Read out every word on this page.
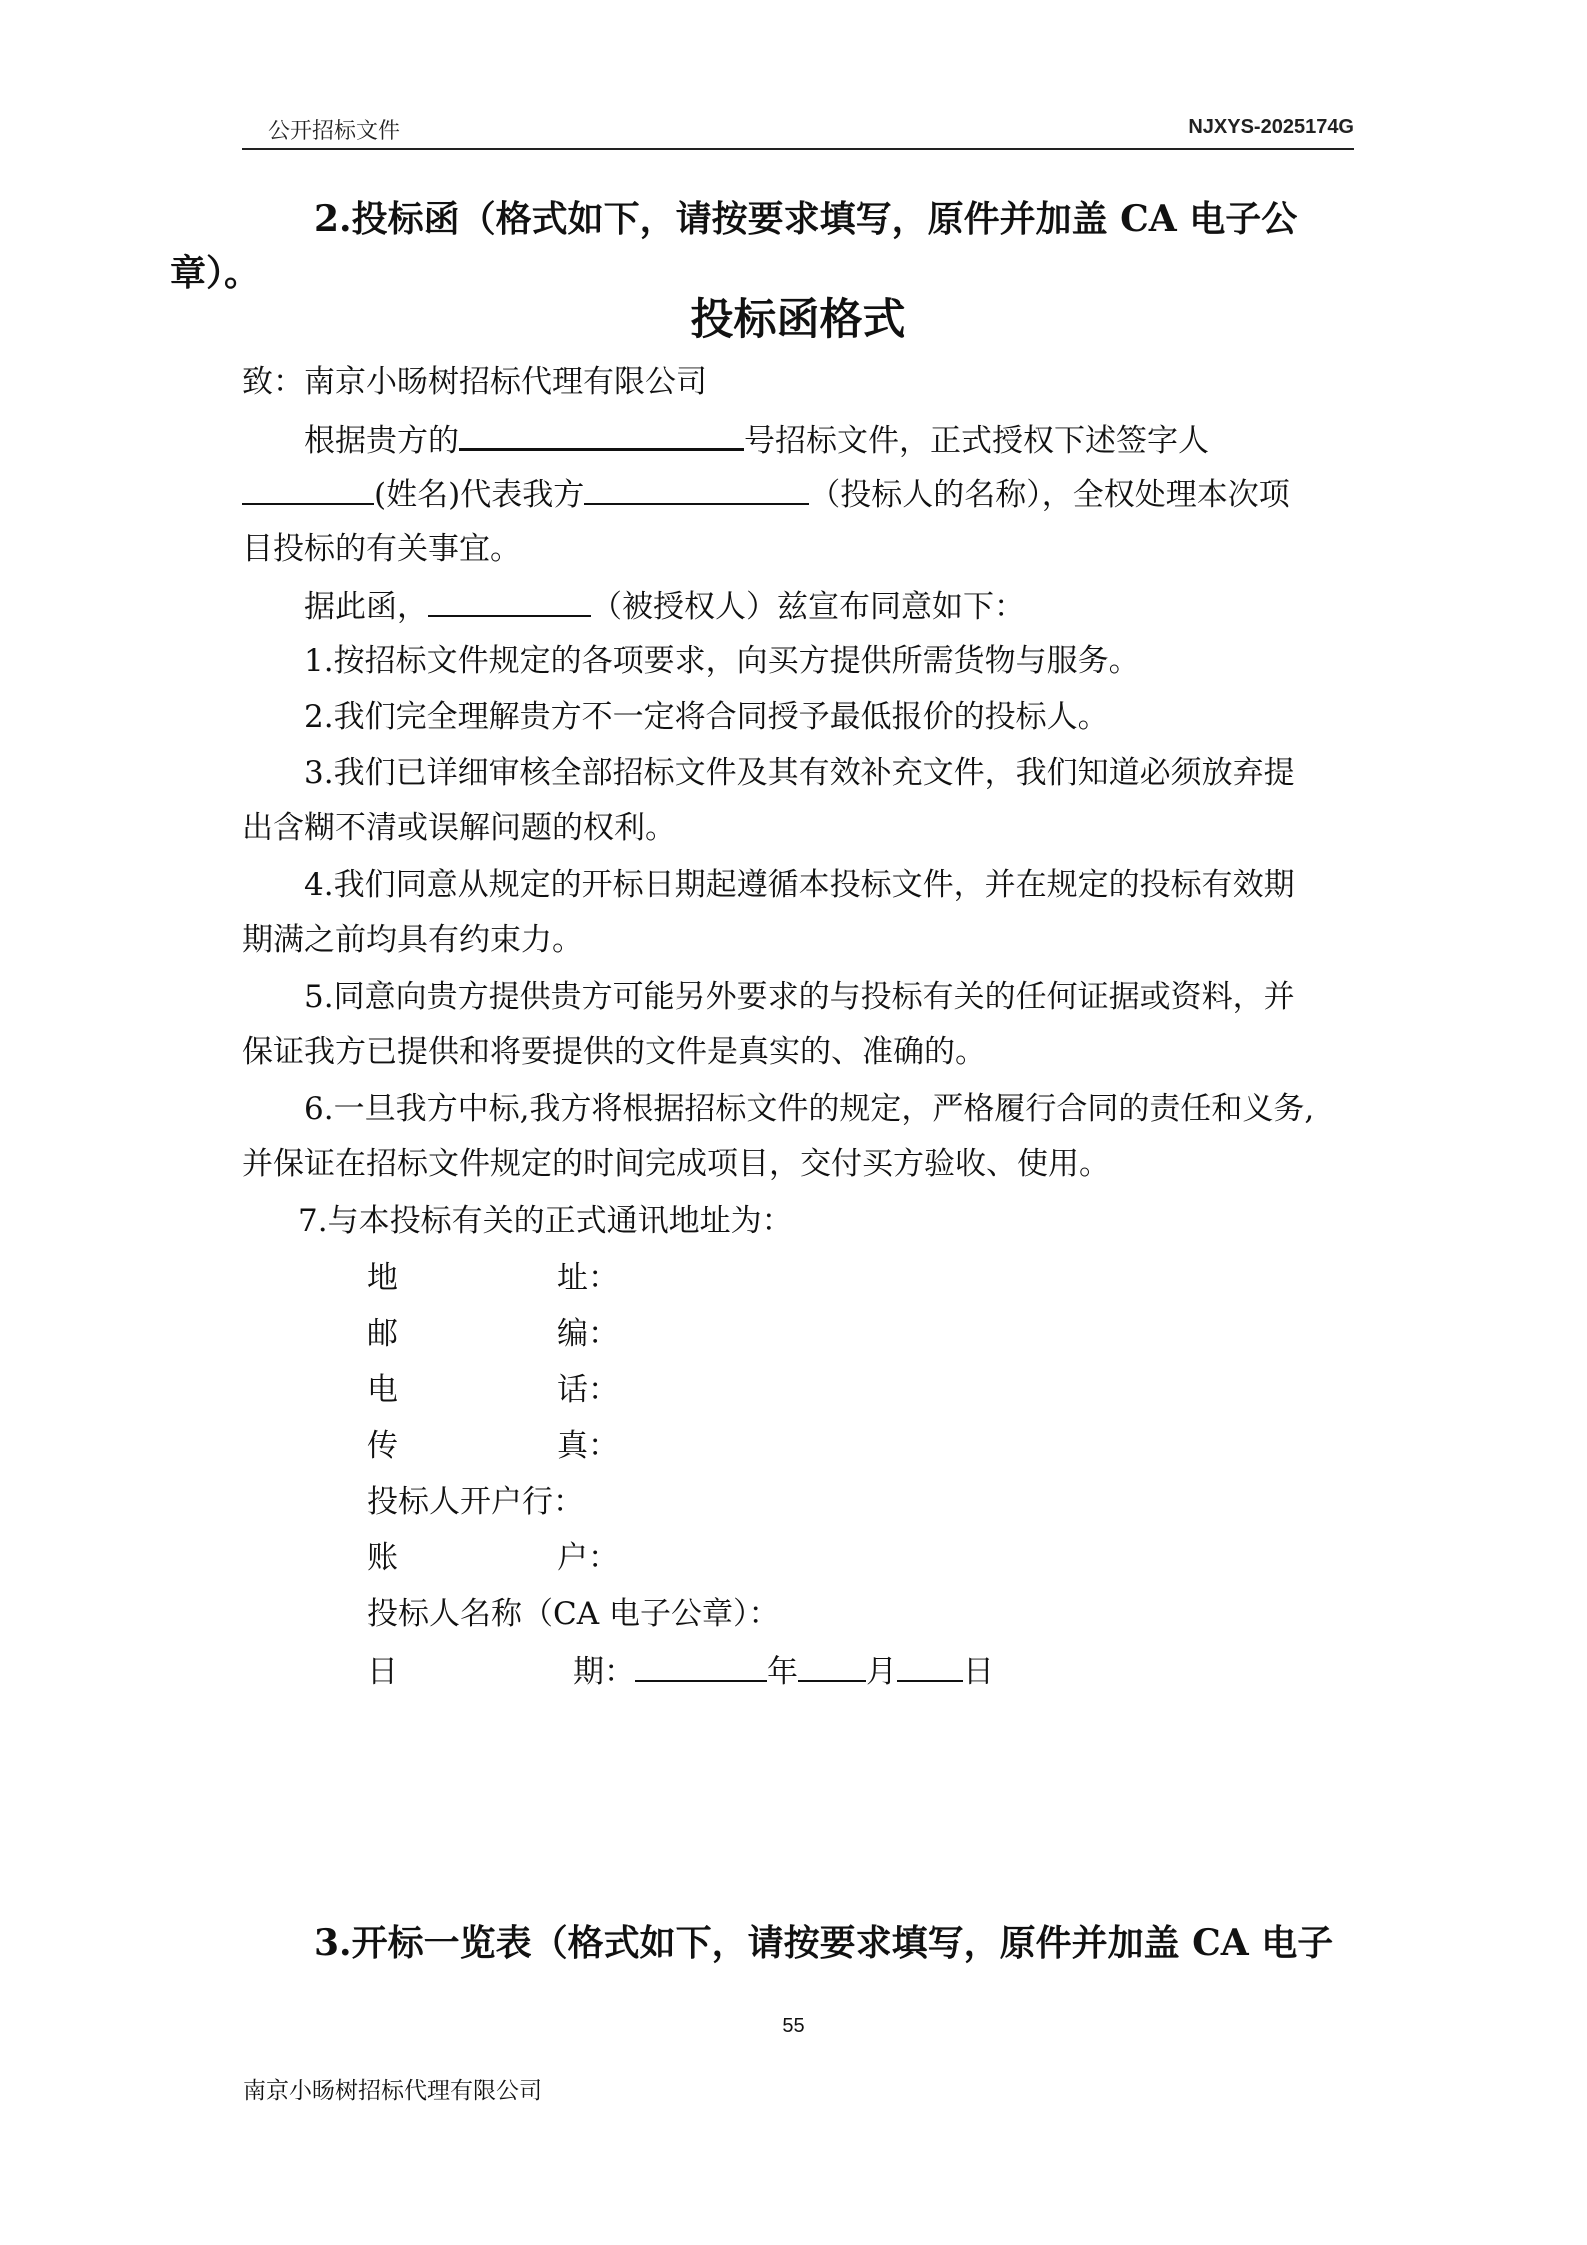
公开招标文件	NJXYS-2025174G
2.投标函（格式如下，请按要求填写，原件并加盖 CA 电子公
章）。
投标函格式
致：南京小旸树招标代理有限公司
根据贵方的	号招标文件，正式授权下述签字人
(姓名)代表我方	（投标人的名称），全权处理本次项
目投标的有关事宜。
据此函，	（被授权人）兹宣布同意如下：
1.按招标文件规定的各项要求，向买方提供所需货物与服务。
2.我们完全理解贵方不一定将合同授予最低报价的投标人。
3.我们已详细审核全部招标文件及其有效补充文件，我们知道必须放弃提
出含糊不清或误解问题的权利。
4.我们同意从规定的开标日期起遵循本投标文件，并在规定的投标有效期
期满之前均具有约束力。
5.同意向贵方提供贵方可能另外要求的与投标有关的任何证据或资料，并
保证我方已提供和将要提供的文件是真实的、准确的。
6.一旦我方中标,我方将根据招标文件的规定，严格履行合同的责任和义务,
并保证在招标文件规定的时间完成项目，交付买方验收、使用。
7.与本投标有关的正式通讯地址为：
地	址：
邮	编：
电	话：
传	真：
投标人开户行：
账	户：
投标人名称（CA 电子公章）：
日	期：	年 月 日
3.开标一览表（格式如下，请按要求填写，原件并加盖 CA 电子
55
南京小旸树招标代理有限公司
